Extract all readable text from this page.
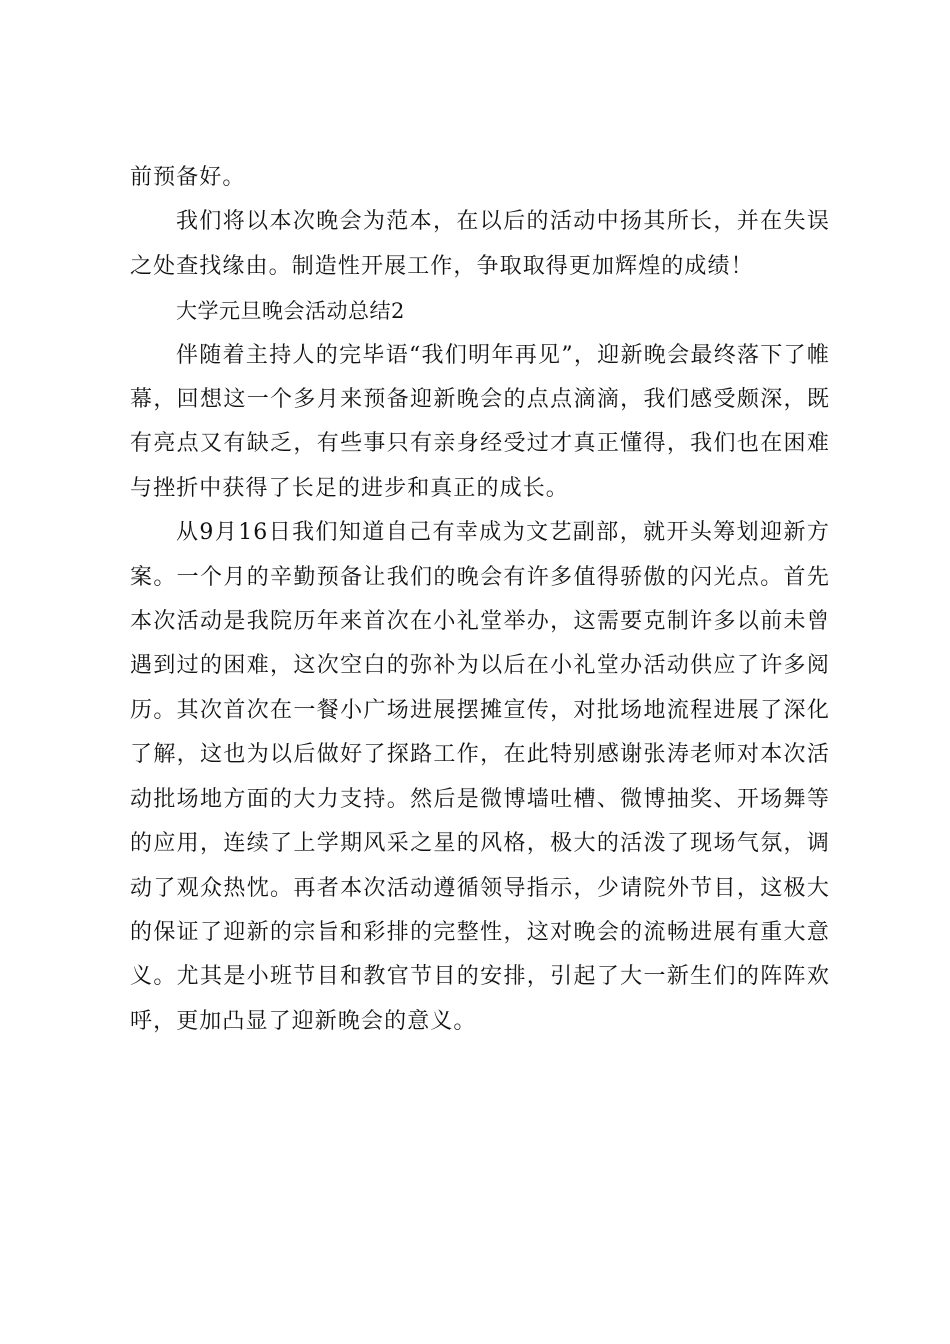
前预备好。

我们将以本次晚会为范本，在以后的活动中扬其所长，并在失误之处查找缘由。制造性开展工作，争取取得更加辉煌的成绩！

大学元旦晚会活动总结2

伴随着主持人的完毕语“我们明年再见”，迎新晚会最终落下了帷幕，回想这一个多月来预备迎新晚会的点点滴滴，我们感受颇深，既有亮点又有缺乏，有些事只有亲身经受过才真正懂得，我们也在困难与挫折中获得了长足的进步和真正的成长。

从9月16日我们知道自己有幸成为文艺副部，就开头筹划迎新方案。一个月的辛勤预备让我们的晚会有许多值得骄傲的闪光点。首先本次活动是我院历年来首次在小礼堂举办，这需要克制许多以前未曾遇到过的困难，这次空白的弥补为以后在小礼堂办活动供应了许多阅历。其次首次在一餐小广场进展摆摊宣传，对批场地流程进展了深化了解，这也为以后做好了探路工作，在此特别感谢张涛老师对本次活动批场地方面的大力支持。然后是微博墙吐槽、微博抽奖、开场舞等的应用，连续了上学期风采之星的风格，极大的活泼了现场气氛，调动了观众热忱。再者本次活动遵循领导指示，少请院外节目，这极大的保证了迎新的宗旨和彩排的完整性，这对晚会的流畅进展有重大意义。尤其是小班节目和教官节目的安排，引起了大一新生们的阵阵欢呼，更加凸显了迎新晚会的意义。
